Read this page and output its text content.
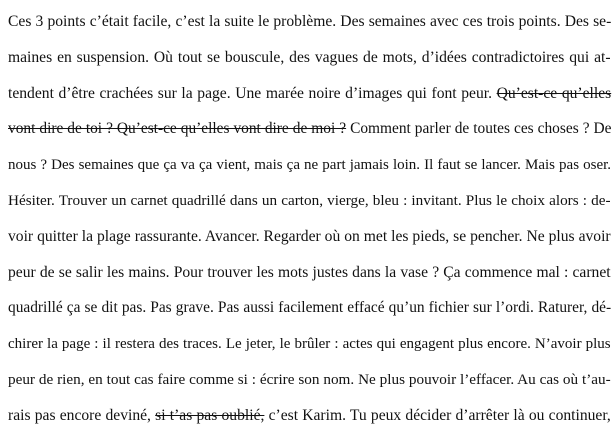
Ces 3 points c’était facile, c’est la suite le problème. Des semaines avec ces trois points. Des se-
maines en suspension. Où tout se bouscule, des vagues de mots, d’idées contradictoires qui at-
tendent d’être crachées sur la page. Une marée noire d’images qui font peur. Qu’est-ce qu’elles
vont dire de toi ? Qu’est-ce qu’elles vont dire de moi ? Comment parler de toutes ces choses ? De
nous ? Des semaines que ça va ça vient, mais ça ne part jamais loin. Il faut se lancer. Mais pas oser.
Hésiter. Trouver un carnet quadrillé dans un carton, vierge, bleu : invitant. Plus le choix alors : de-
voir quitter la plage rassurante. Avancer. Regarder où on met les pieds, se pencher. Ne plus avoir
peur de se salir les mains. Pour trouver les mots justes dans la vase ? Ça commence mal : carnet
quadrillé ça se dit pas. Pas grave. Pas aussi facilement effacé qu’un fichier sur l’ordi. Raturer, dé-
chirer la page : il restera des traces. Le jeter, le brûler : actes qui engagent plus encore. N’avoir plus
peur de rien, en tout cas faire comme si : écrire son nom. Ne plus pouvoir l’effacer. Au cas où t’au-
rais pas encore deviné, si t’as pas oublié, c’est Karim. Tu peux décider d’arrêter là ou continuer,
